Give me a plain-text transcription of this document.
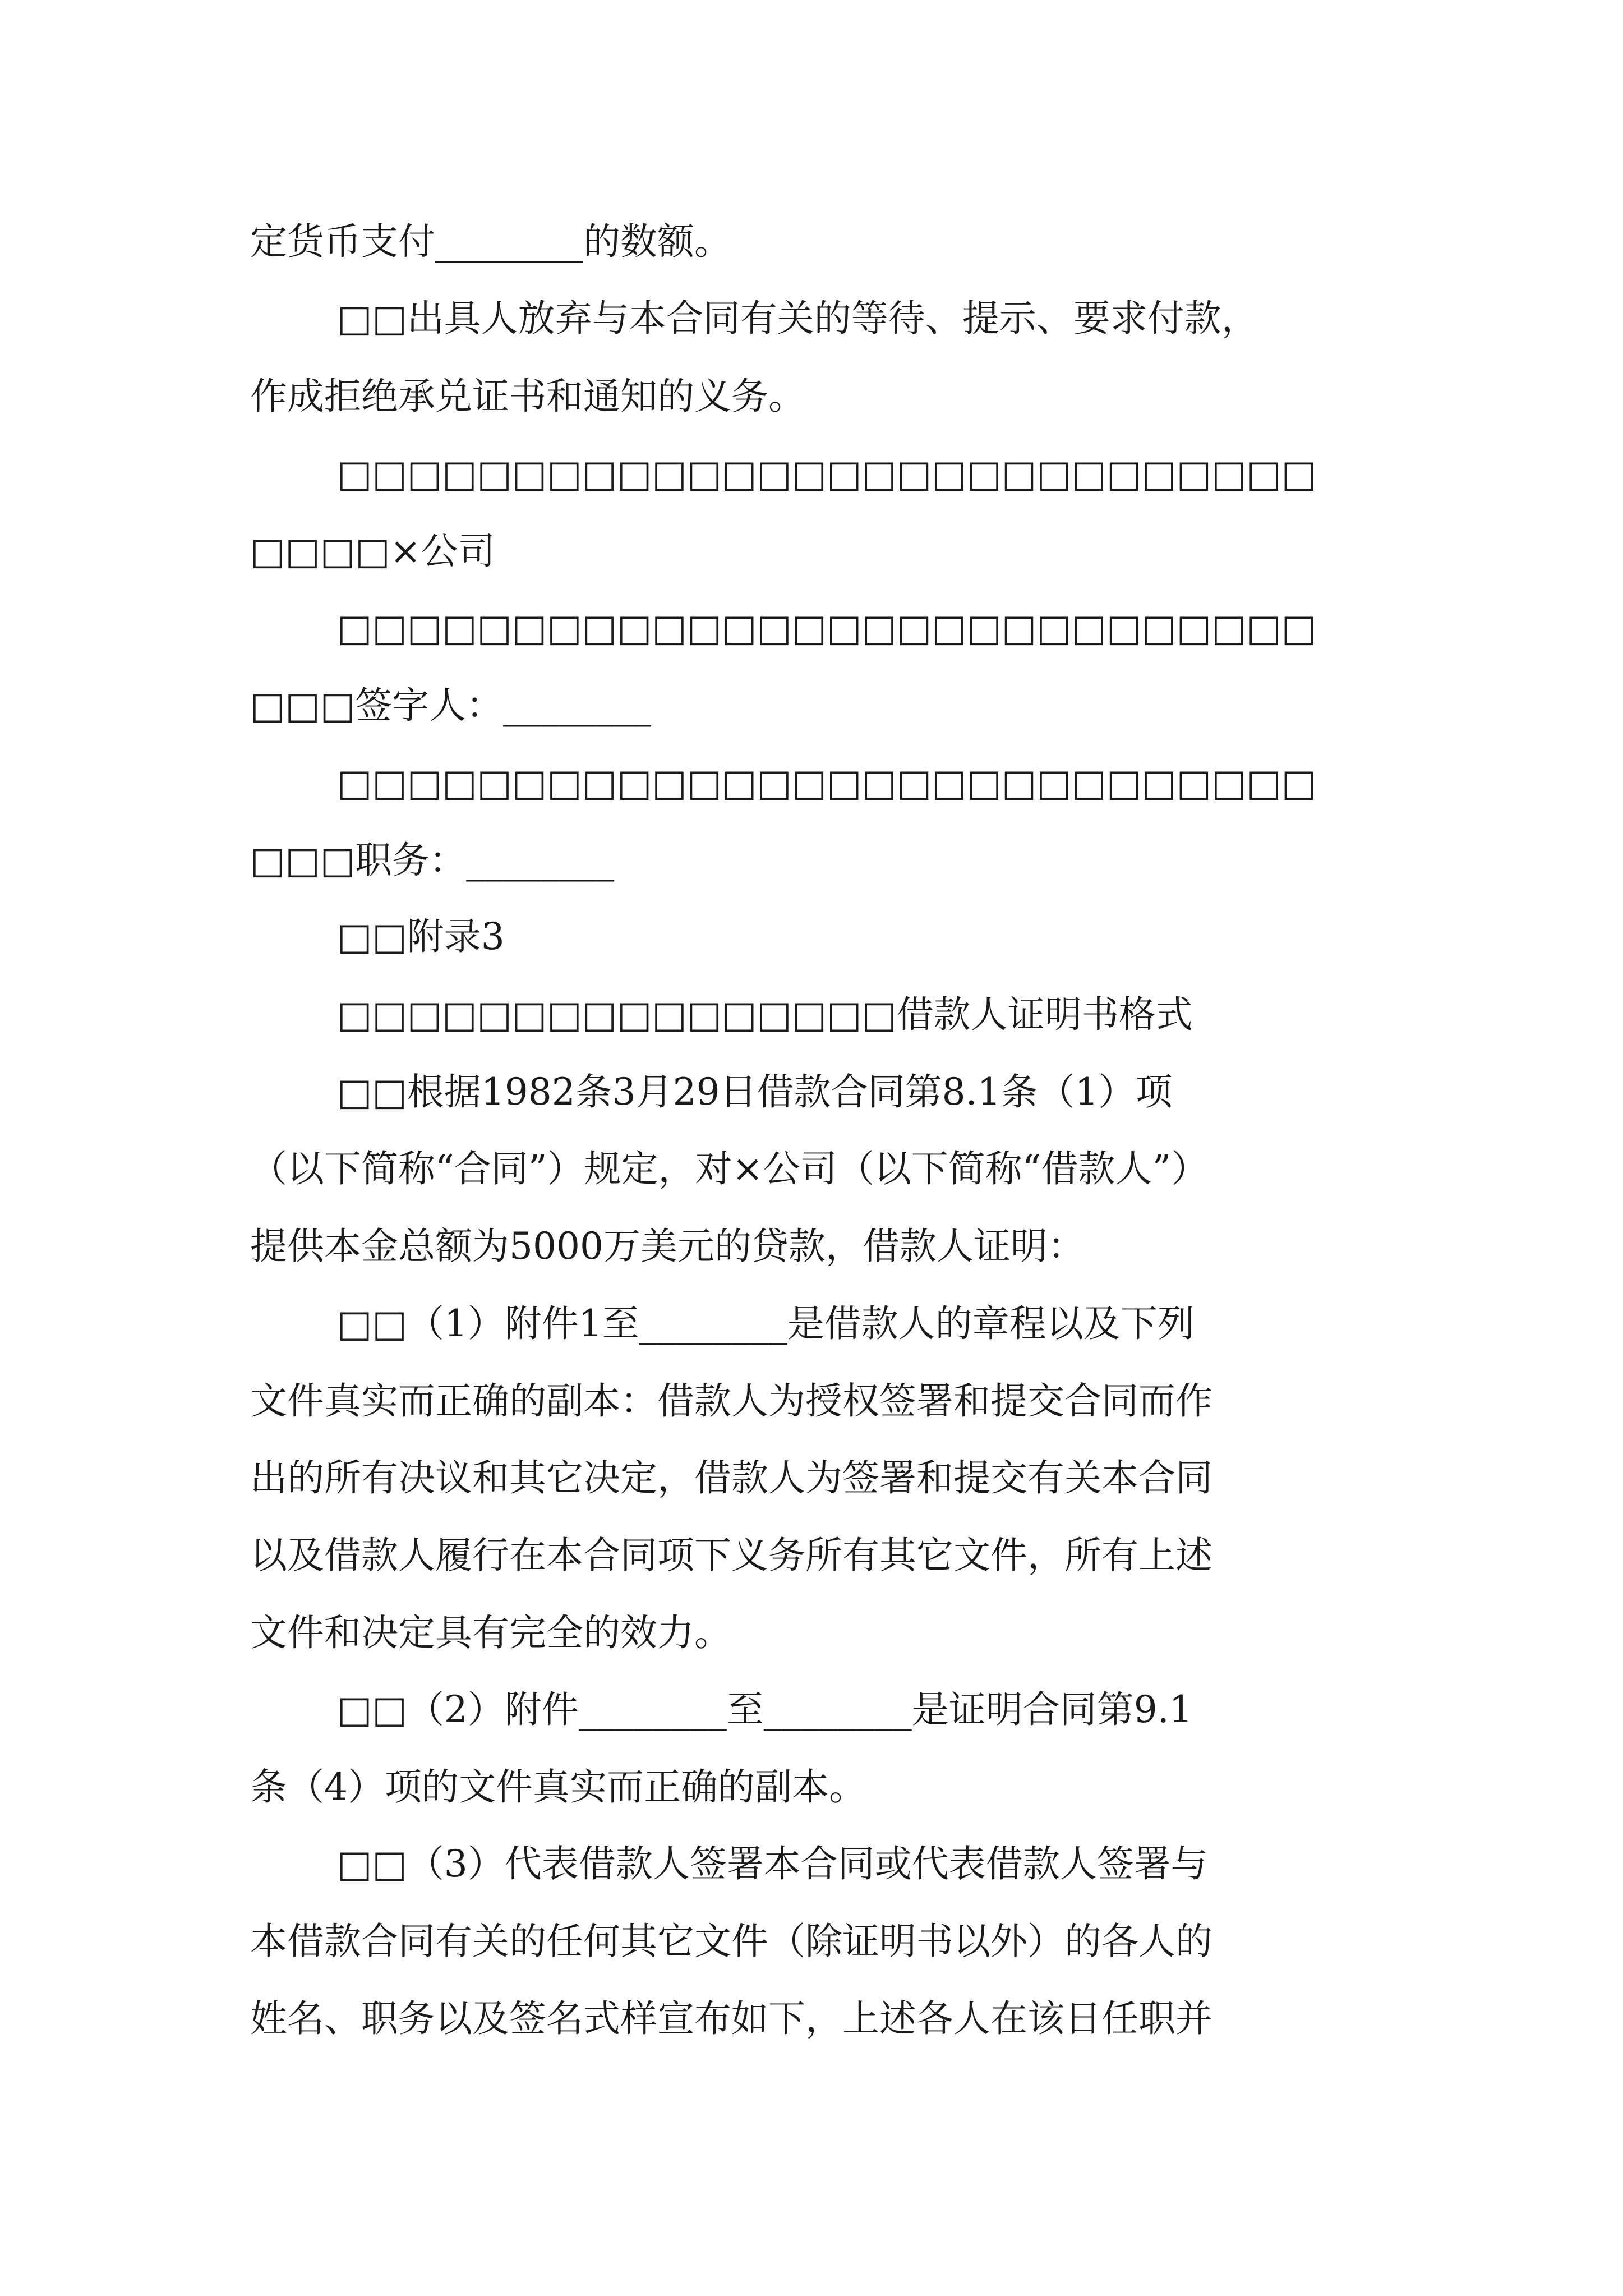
定货币支付________的数额。
□□出具人放弃与本合同有关的等待、提示、要求付款，
作成拒绝承兑证书和通知的义务。
□□□□□□□□□□□□□□□□□□□□□□□□□□□□
□□□□×公司
□□□□□□□□□□□□□□□□□□□□□□□□□□□□
□□□签字人：________
□□□□□□□□□□□□□□□□□□□□□□□□□□□□
□□□职务：________
□□附录3
□□□□□□□□□□□□□□□□借款人证明书格式
□□根据1982条3月29日借款合同第8.1条（1）项
（以下简称“合同”）规定，对×公司（以下简称“借款人”）
提供本金总额为5000万美元的贷款，借款人证明：
□□（1）附件1至________是借款人的章程以及下列
文件真实而正确的副本：借款人为授权签署和提交合同而作
出的所有决议和其它决定，借款人为签署和提交有关本合同
以及借款人履行在本合同项下义务所有其它文件，所有上述
文件和决定具有完全的效力。
□□（2）附件________至________是证明合同第9.1
条（4）项的文件真实而正确的副本。
□□（3）代表借款人签署本合同或代表借款人签署与
本借款合同有关的任何其它文件（除证明书以外）的各人的
姓名、职务以及签名式样宣布如下，上述各人在该日任职并
